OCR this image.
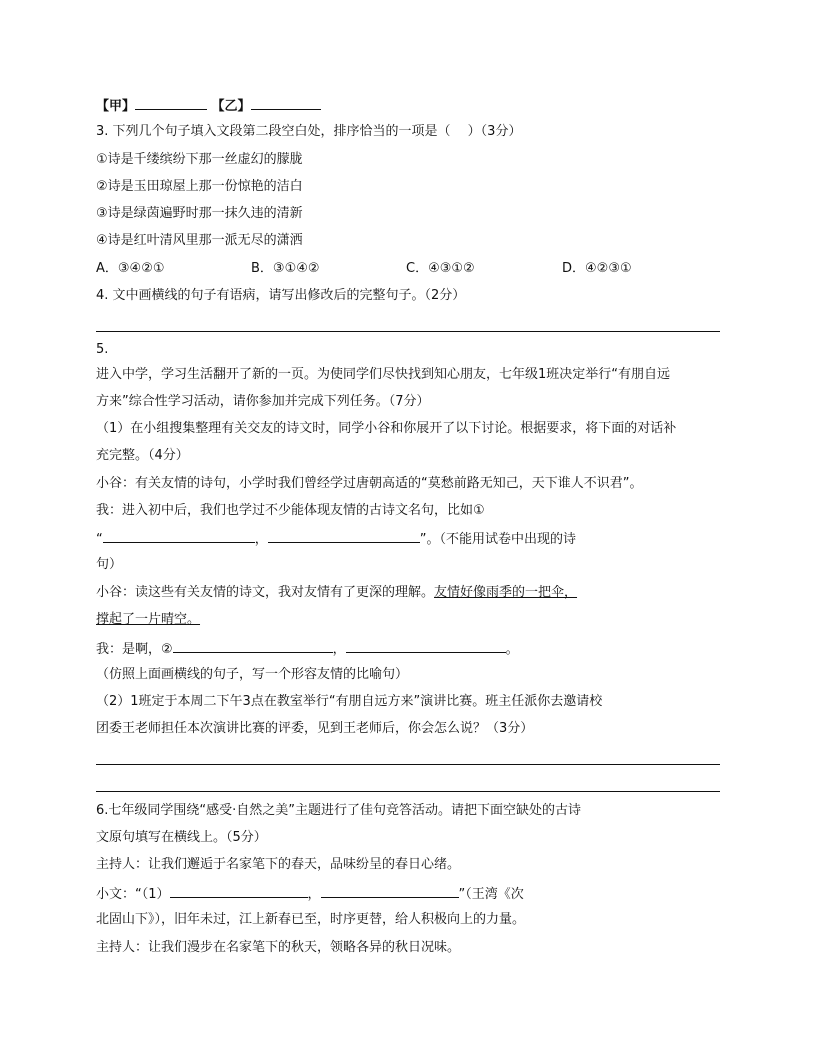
【甲】	【乙】
3. 下列几个句子填入文段第二段空白处，排序恰当的一项是（　 ）（3分）
①诗是千缕缤纷下那一丝虚幻的朦胧
②诗是玉田琼屋上那一份惊艳的洁白
③诗是绿茵遍野时那一抹久违的清新
④诗是红叶清风里那一派无尽的潇洒
A．③④②①	B．③①④②	C．④③①②	D．④②③①
4. 文中画横线的句子有语病，请写出修改后的完整句子。（2分）
5.
进入中学，学习生活翻开了新的一页。为使同学们尽快找到知心朋友，七年级1班决定举行“有朋自远
方来”综合性学习活动，请你参加并完成下列任务。（7分）
（1）在小组搜集整理有关交友的诗文时，同学小谷和你展开了以下讨论。根据要求，将下面的对话补
充完整。（4分）
小谷：有关友情的诗句，小学时我们曾经学过唐朝高适的“莫愁前路无知己，天下谁人不识君”。
我：进入初中后，我们也学过不少能体现友情的古诗文名句，比如①
“	，	”。（不能用试卷中出现的诗
句）
小谷：读这些有关友情的诗文，我对友情有了更深的理解。友情好像雨季的一把伞，
撑起了一片晴空。
我：是啊，②	，	。
（仿照上面画横线的句子，写一个形容友情的比喻句）
（2）1班定于本周二下午3点在教室举行“有朋自远方来”演讲比赛。班主任派你去邀请校
团委王老师担任本次演讲比赛的评委，见到王老师后，你会怎么说？（3分）
6.七年级同学围绕“感受·自然之美”主题进行了佳句竞答活动。请把下面空缺处的古诗
文原句填写在横线上。（5分）
主持人：让我们邂逅于名家笔下的春天，品味纷呈的春日心绪。
小文：“（1）	，	”（王湾《次
北固山下》），旧年未过，江上新春已至，时序更替，给人积极向上的力量。
主持人：让我们漫步在名家笔下的秋天，领略各异的秋日况味。
